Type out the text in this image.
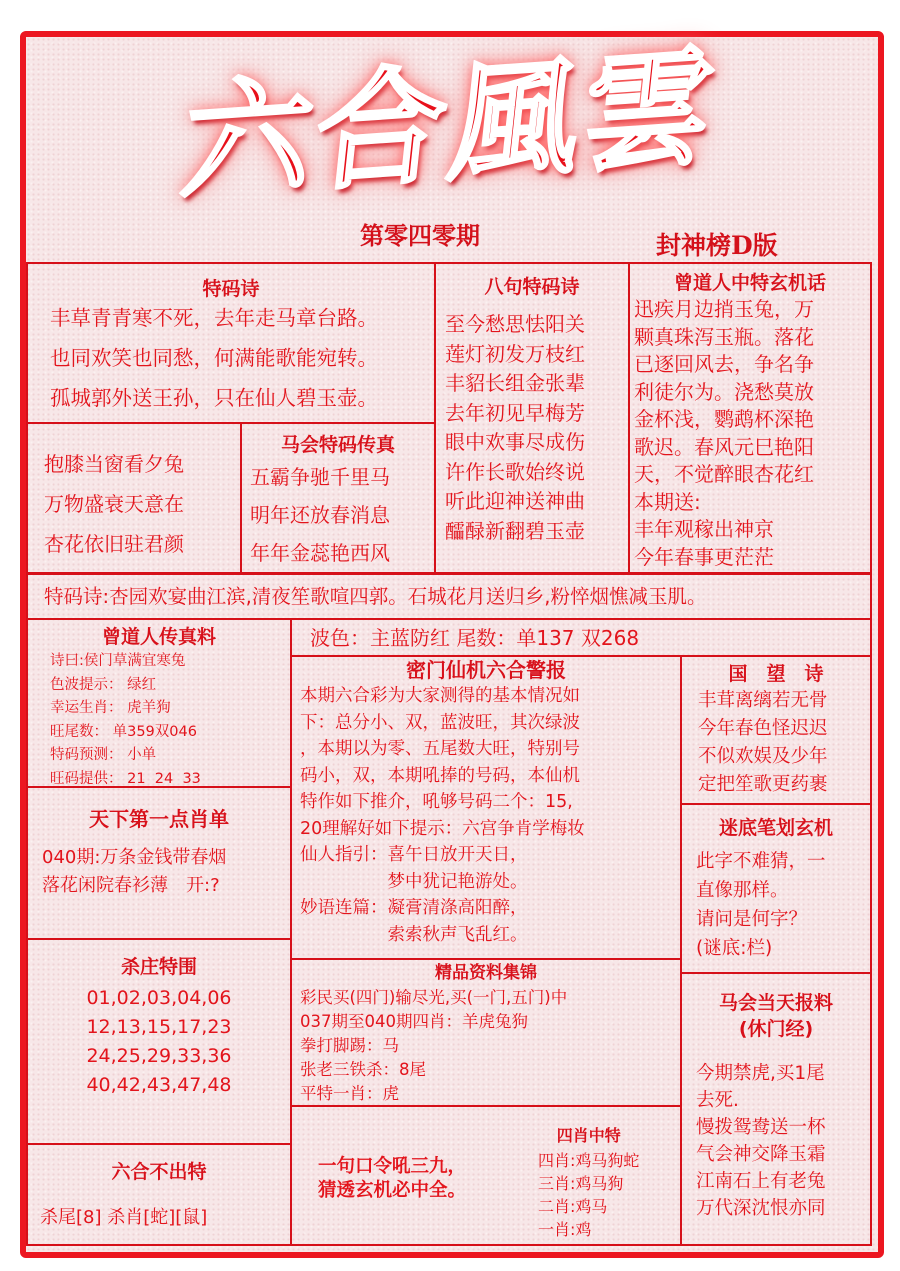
六合風雲
第零四零期	封神榜D版
特码诗
丰草青青寒不死，去年走马章台路。
也同欢笑也同愁，何满能歌能宛转。
孤城郭外送王孙，只在仙人碧玉壶。
抱膝当窗看夕兔
万物盛衰天意在
杏花依旧驻君颜
马会特码传真
五霸争驰千里马
明年还放春消息
年年金蕊艳西风
八句特码诗
至今愁思怯阳关
莲灯初发万枝红
丰貂长组金张辈
去年初见早梅芳
眼中欢事尽成伤
许作长歌始终说
听此迎神送神曲
醽醁新翻碧玉壶
曾道人中特玄机话
迅疾月边捎玉兔，万
颗真珠泻玉瓶。落花
已逐回风去，争名争
利徒尔为。浇愁莫放
金杯浅，鹦鹉杯深艳
歌迟。春风元巳艳阳
天，不觉醉眼杏花红
本期送:
丰年观稼出神京
今年春事更茫茫
特码诗:杏园欢宴曲江滨,清夜笙歌喧四郭。石城花月送归乡,粉悴烟憔减玉肌。
曾道人传真料
诗曰:侯门草满宜寒兔
色波提示： 绿红
幸运生肖： 虎羊狗
旺尾数： 单359双046
特码预测： 小单
旺码提供： 21  24  33
天下第一点肖单
040期:万条金钱带春烟
落花闲院春衫薄　开:?
杀庄特围
01,02,03,04,06
12,13,15,17,23
24,25,29,33,36
40,42,43,47,48
六合不出特
杀尾[8] 杀肖[蛇][鼠]
波色：主蓝防红 尾数：单137 双268
密门仙机六合警报
本期六合彩为大家测得的基本情况如
下：总分小、双，蓝波旺，其次绿波
，本期以为零、五尾数大旺，特别号
码小，双，本期吼捧的号码，本仙机
特作如下推介，吼够号码二个：15,
20理解好如下提示：六宫争肯学梅妆
仙人指引：喜午日放开天日，
　　　　　梦中犹记艳游处。
妙语连篇：凝膏清涤高阳醉，
　　　　　索索秋声飞乱红。
国　望　诗
丰茸离缡若无骨
今年春色怪迟迟
不似欢娱及少年
定把笙歌更药裹
迷底笔划玄机
此字不难猜，一
直像那样。
请问是何字？
(谜底:栏)
精品资料集锦
彩民买(四门)输尽光,买(一门,五门)中
037期至040期四肖：羊虎兔狗
拳打脚踢：马
张老三铁杀：8尾
平特一肖：虎
一句口令吼三九，
猜透玄机必中全。
四肖中特
四肖:鸡马狗蛇
三肖:鸡马狗
二肖:鸡马
一肖:鸡
马会当天报料
(休门经)
今期禁虎,买1尾
去死.
慢拨鸳鸯送一杯
气会神交降玉霜
江南石上有老兔
万代深沈恨亦同
